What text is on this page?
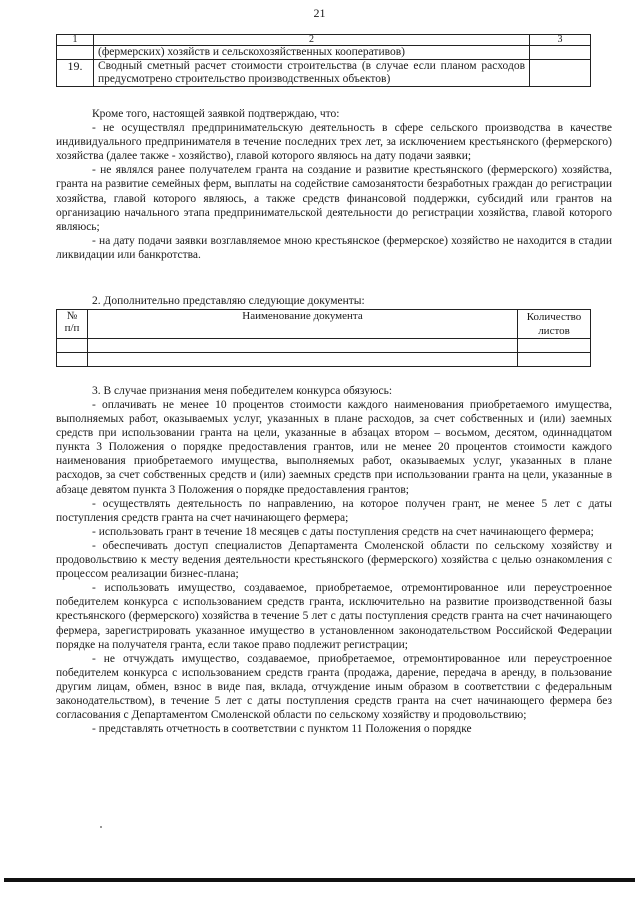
21
1	2	3
	(фермерских) хозяйств и сельскохозяйственных кооперативов)	
19.	Сводный сметный расчет стоимости строительства (в случае если планом расходов предусмотрено строительство производственных объектов)	

Кроме того, настоящей заявкой подтверждаю, что:

- не осуществлял предпринимательскую деятельность в сфере сельского производства в качестве индивидуального предпринимателя в течение последних трех лет, за исключением крестьянского (фермерского) хозяйства (далее также - хозяйство), главой которого являюсь на дату подачи заявки;

- не являлся ранее получателем гранта на создание и развитие крестьянского (фермерского) хозяйства, гранта на развитие семейных ферм, выплаты на содействие самозанятости безработных граждан до регистрации хозяйства, главой которого являюсь, а также средств финансовой поддержки, субсидий или грантов на организацию начального этапа предпринимательской деятельности до регистрации хозяйства, главой которого являюсь;

- на дату подачи заявки возглавляемое мною крестьянское (фермерское) хозяйство не находится в стадии ликвидации или банкротства.

2. Дополнительно представляю следующие документы:
№ п/п	Наименование документа	Количество листов

3. В случае признания меня победителем конкурса обязуюсь:

- оплачивать не менее 10 процентов стоимости каждого наименования приобретаемого имущества, выполняемых работ, оказываемых услуг, указанных в плане расходов, за счет собственных и (или) заемных средств при использовании гранта на цели, указанные в абзацах втором – восьмом, десятом, одиннадцатом пункта 3 Положения о порядке предоставления грантов, или не менее 20 процентов стоимости каждого наименования приобретаемого имущества, выполняемых работ, оказываемых услуг, указанных в плане расходов, за счет собственных средств и (или) заемных средств при использовании гранта на цели, указанные в абзаце девятом пункта 3 Положения о порядке предоставления грантов;

- осуществлять деятельность по направлению, на которое получен грант, не менее 5 лет с даты поступления средств гранта на счет начинающего фермера;

- использовать грант в течение 18 месяцев с даты поступления средств на счет начинающего фермера;

- обеспечивать доступ специалистов Департамента Смоленской области по сельскому хозяйству и продовольствию к месту ведения деятельности крестьянского (фермерского) хозяйства с целью ознакомления с процессом реализации бизнес-плана;

- использовать имущество, создаваемое, приобретаемое, отремонтированное или переустроенное победителем конкурса с использованием средств гранта, исключительно на развитие производственной базы крестьянского (фермерского) хозяйства в течение 5 лет с даты поступления средств гранта на счет начинающего фермера, зарегистрировать указанное имущество в установленном законодательством Российской Федерации порядке на получателя гранта, если такое право подлежит регистрации;

- не отчуждать имущество, создаваемое, приобретаемое, отремонтированное или переустроенное победителем конкурса с использованием средств гранта (продажа, дарение, передача в аренду, в пользование другим лицам, обмен, взнос в виде пая, вклада, отчуждение иным образом в соответствии с федеральным законодательством), в течение 5 лет с даты поступления средств гранта на счет начинающего фермера без согласования с Департаментом Смоленской области по сельскому хозяйству и продовольствию;

- представлять отчетность в соответствии с пунктом 11 Положения о порядке
